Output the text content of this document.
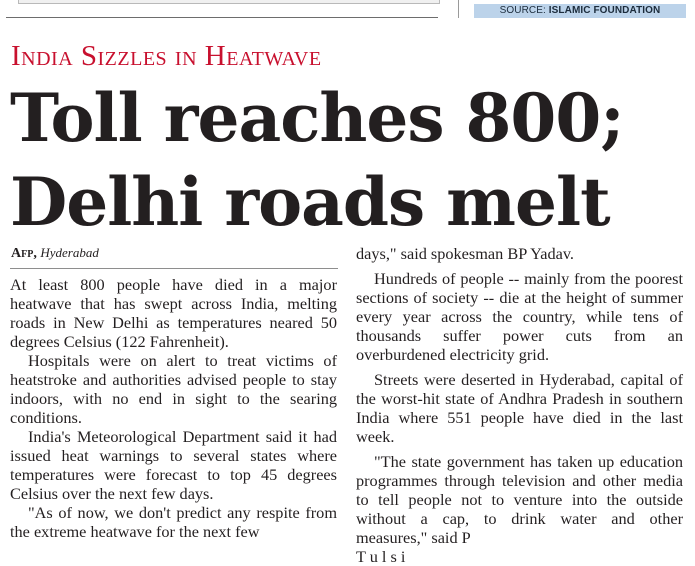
SOURCE: ISLAMIC FOUNDATION
India Sizzles in Heatwave
Toll reaches 800;
Delhi roads melt
Afp, Hyderabad

At least 800 people have died in a major heatwave that has swept across India, melting roads in New Delhi as temperatures neared 50 degrees Celsius (122 Fahrenheit).

Hospitals were on alert to treat victims of heatstroke and authorities advised people to stay indoors, with no end in sight to the searing conditions.

India's Meteorological Department said it had issued heat warnings to several states where temperatures were forecast to top 45 degrees Celsius over the next few days.

"As of now, we don't predict any respite from the extreme heatwave for the next few

days," said spokesman BP Yadav.

Hundreds of people -- mainly from the poorest sections of society -- die at the height of summer every year across the country, while tens of thousands suffer power cuts from an overburdened electricity grid.

Streets were deserted in Hyderabad, capital of the worst-hit state of Andhra Pradesh in southern India where 551 people have died in the last week.

"The state government has taken up education programmes through television and other media to tell people not to venture into the outside without a cap, to drink water and other measures," said P

T u l s i
